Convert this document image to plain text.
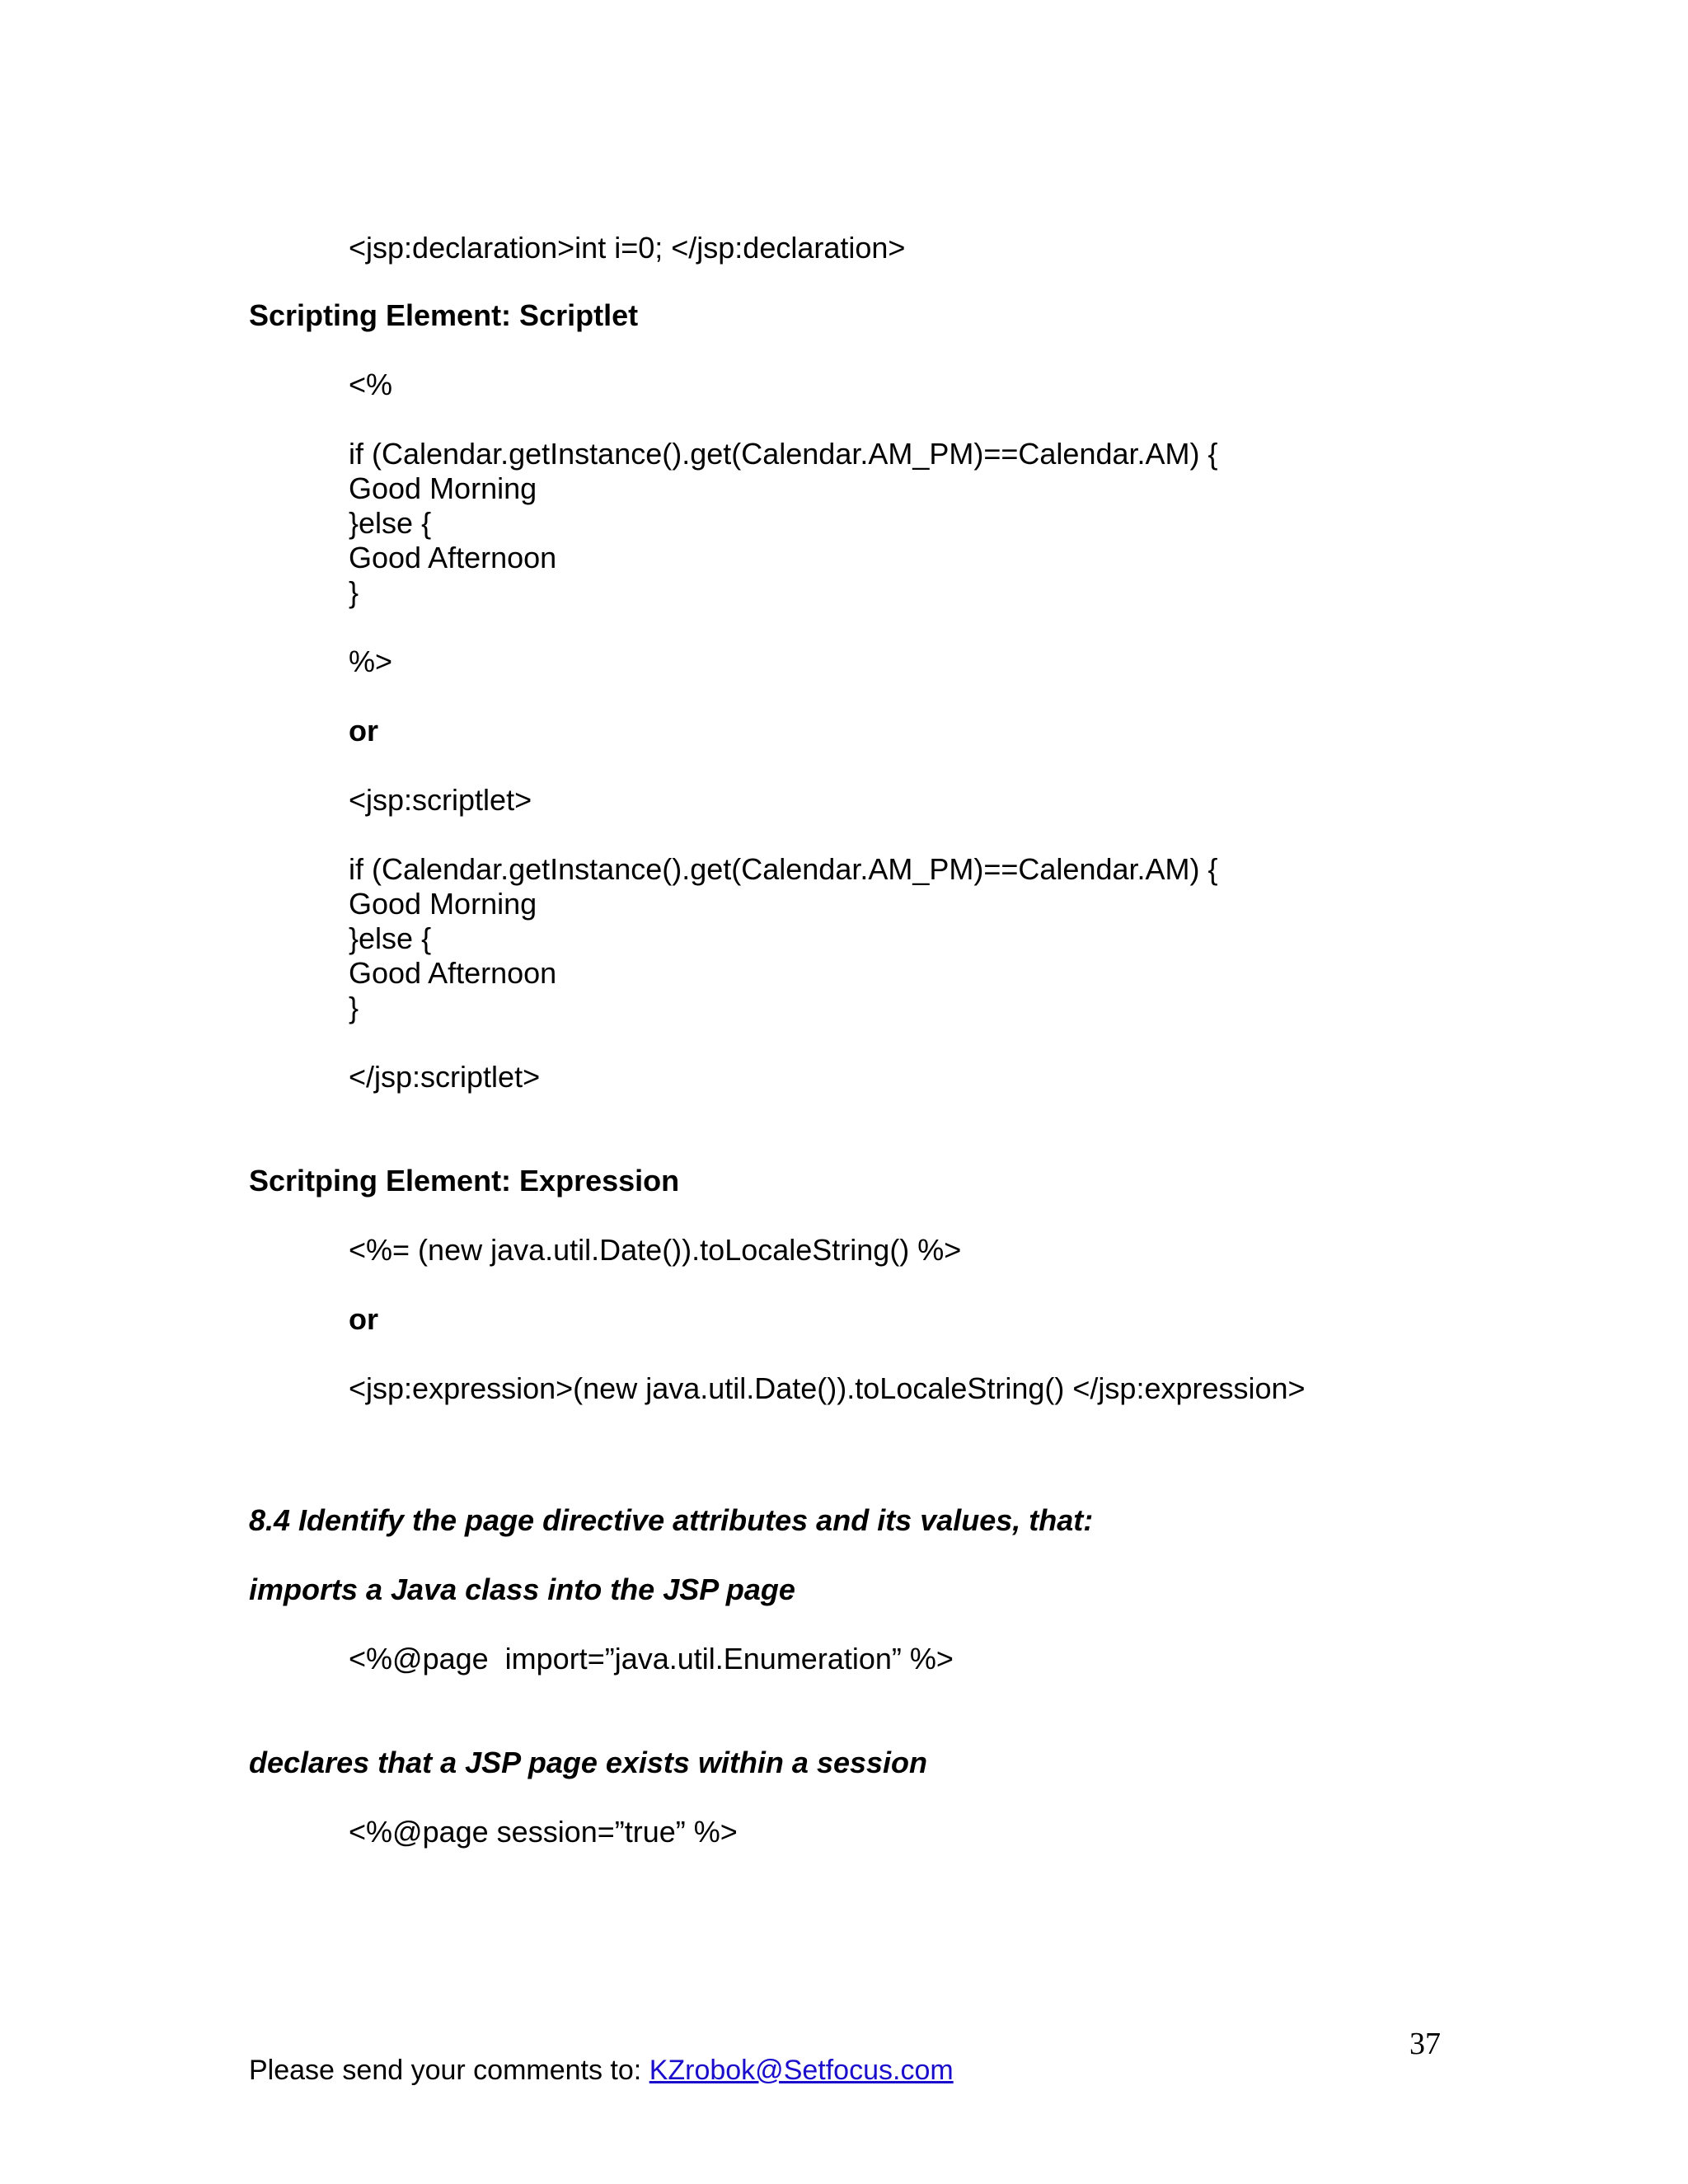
<jsp:declaration>int i=0; </jsp:declaration>

Scripting Element: Scriptlet

<%

if (Calendar.getInstance().get(Calendar.AM_PM)==Calendar.AM) {

Good Morning

}else {

Good Afternoon

}

%>

or

<jsp:scriptlet>

if (Calendar.getInstance().get(Calendar.AM_PM)==Calendar.AM) {

Good Morning

}else {

Good Afternoon

}

</jsp:scriptlet>

Scritping Element: Expression

<%= (new java.util.Date()).toLocaleString() %>

or

<jsp:expression>(new java.util.Date()).toLocaleString() </jsp:expression>

8.4 Identify the page directive attributes and its values, that:

imports a Java class into the JSP page

<%@page  import=”java.util.Enumeration” %>

declares that a JSP page exists within a session

<%@page session=”true” %>

37
Please send your comments to: KZrobok@Setfocus.com
